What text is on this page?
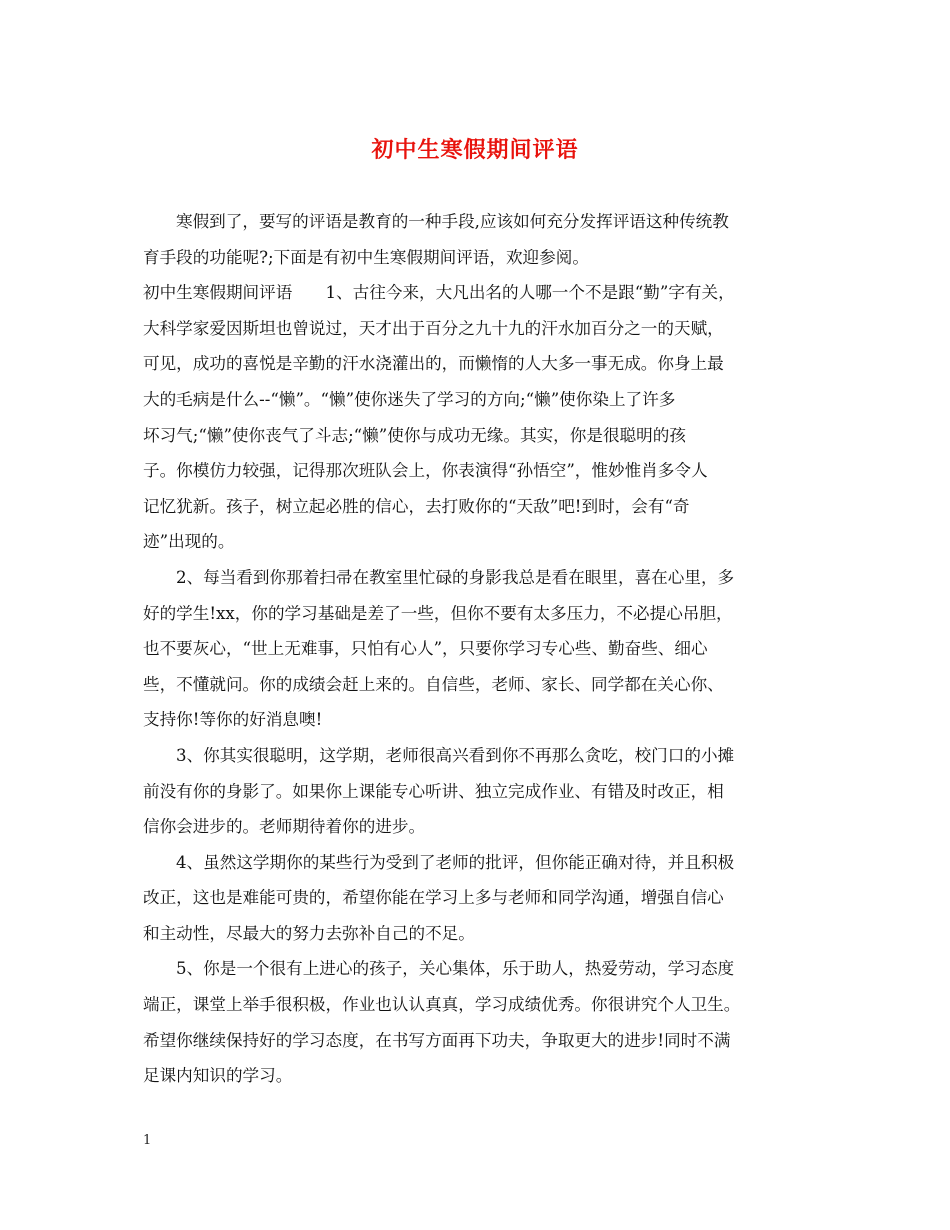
初中生寒假期间评语
寒假到了，要写的评语是教育的一种手段,应该如何充分发挥评语这种传统教
育手段的功能呢?;下面是有初中生寒假期间评语，欢迎参阅。
初中生寒假期间评语　　1、古往今来，大凡出名的人哪一个不是跟“勤”字有关，
大科学家爱因斯坦也曾说过，天才出于百分之九十九的汗水加百分之一的天赋，
可见，成功的喜悦是辛勤的汗水浇灌出的，而懒惰的人大多一事无成。你身上最
大的毛病是什么--“懒”。“懒”使你迷失了学习的方向;“懒”使你染上了许多
坏习气;“懒”使你丧气了斗志;“懒”使你与成功无缘。其实，你是很聪明的孩
子。你模仿力较强，记得那次班队会上，你表演得“孙悟空”，惟妙惟肖多令人
记忆犹新。孩子，树立起必胜的信心，去打败你的“天敌”吧!到时，会有“奇
迹”出现的。
2、每当看到你那着扫帚在教室里忙碌的身影我总是看在眼里，喜在心里，多
好的学生!xx，你的学习基础是差了一些，但你不要有太多压力，不必提心吊胆，
也不要灰心，“世上无难事，只怕有心人”，只要你学习专心些、勤奋些、细心
些，不懂就问。你的成绩会赶上来的。自信些，老师、家长、同学都在关心你、
支持你!等你的好消息噢!
3、你其实很聪明，这学期，老师很高兴看到你不再那么贪吃，校门口的小摊
前没有你的身影了。如果你上课能专心听讲、独立完成作业、有错及时改正，相
信你会进步的。老师期待着你的进步。
4、虽然这学期你的某些行为受到了老师的批评，但你能正确对待，并且积极
改正，这也是难能可贵的，希望你能在学习上多与老师和同学沟通，增强自信心
和主动性，尽最大的努力去弥补自己的不足。
5、你是一个很有上进心的孩子，关心集体，乐于助人，热爱劳动，学习态度
端正，课堂上举手很积极，作业也认认真真，学习成绩优秀。你很讲究个人卫生。
希望你继续保持好的学习态度，在书写方面再下功夫，争取更大的进步!同时不满
足课内知识的学习。
1
